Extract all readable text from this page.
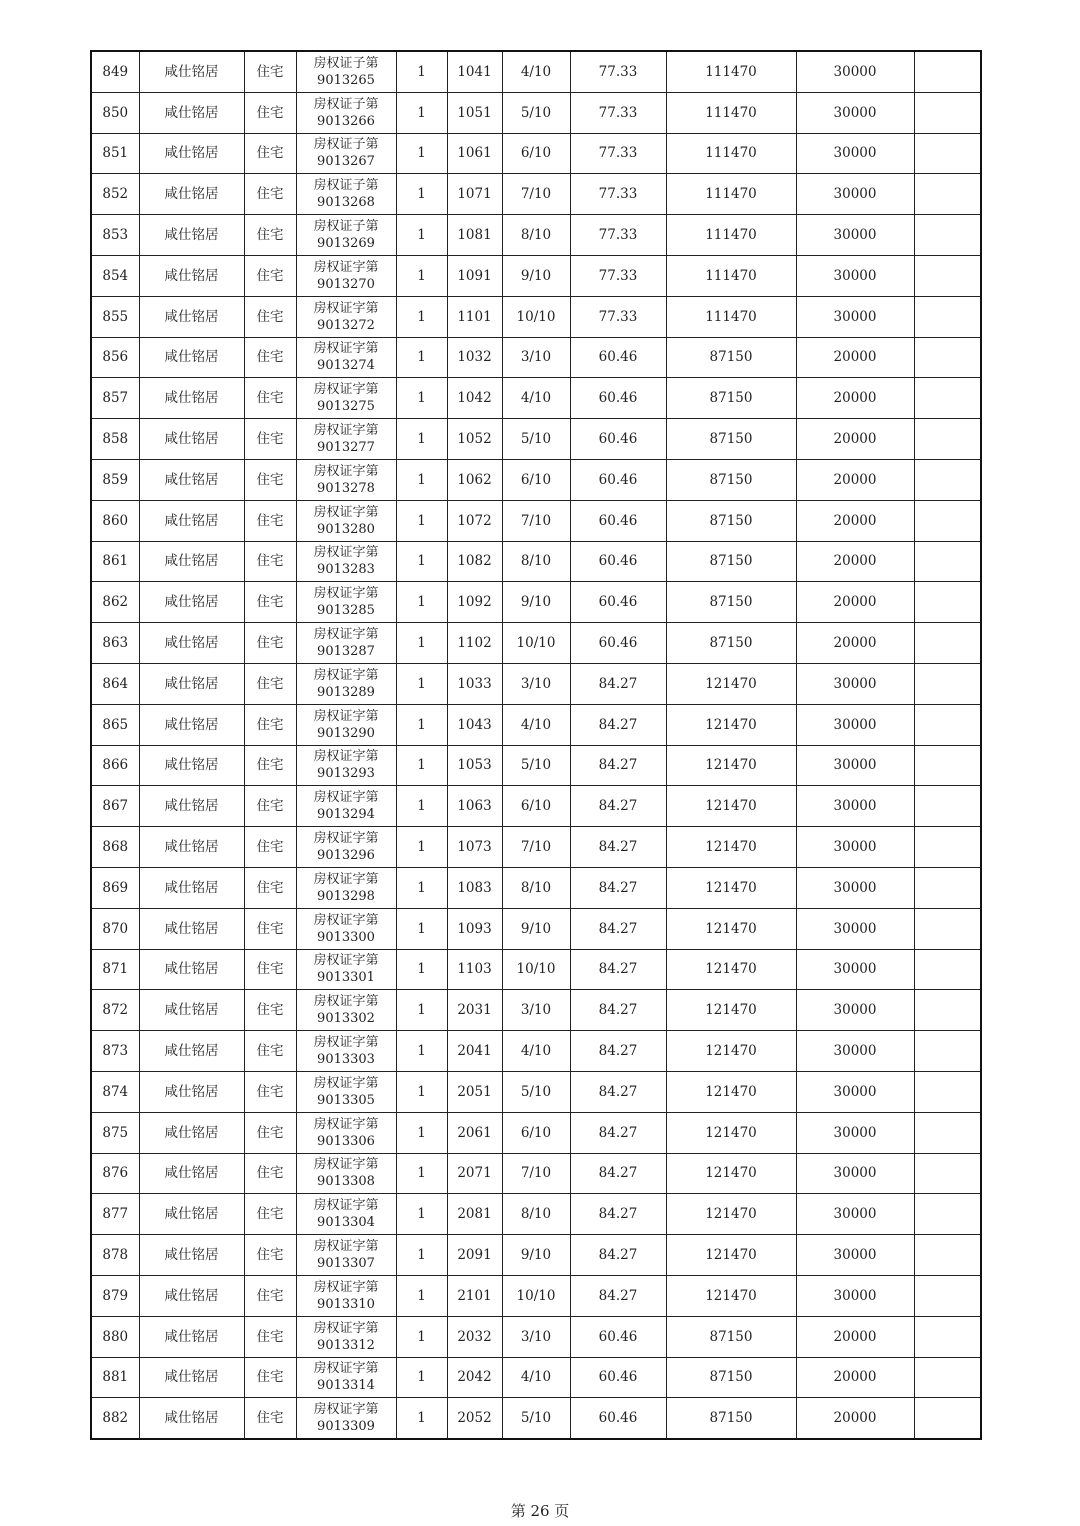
849	咸仕铭居	住宅	房权证子第
9013265	1	1041	4/10	77.33	111470	30000	
850	咸仕铭居	住宅	房权证子第
9013266	1	1051	5/10	77.33	111470	30000	
851	咸仕铭居	住宅	房权证子第
9013267	1	1061	6/10	77.33	111470	30000	
852	咸仕铭居	住宅	房权证子第
9013268	1	1071	7/10	77.33	111470	30000	
853	咸仕铭居	住宅	房权证子第
9013269	1	1081	8/10	77.33	111470	30000	
854	咸仕铭居	住宅	房权证字第
9013270	1	1091	9/10	77.33	111470	30000	
855	咸仕铭居	住宅	房权证字第
9013272	1	1101	10/10	77.33	111470	30000	
856	咸仕铭居	住宅	房权证字第
9013274	1	1032	3/10	60.46	87150	20000	
857	咸仕铭居	住宅	房权证字第
9013275	1	1042	4/10	60.46	87150	20000	
858	咸仕铭居	住宅	房权证字第
9013277	1	1052	5/10	60.46	87150	20000	
859	咸仕铭居	住宅	房权证字第
9013278	1	1062	6/10	60.46	87150	20000	
860	咸仕铭居	住宅	房权证字第
9013280	1	1072	7/10	60.46	87150	20000	
861	咸仕铭居	住宅	房权证字第
9013283	1	1082	8/10	60.46	87150	20000	
862	咸仕铭居	住宅	房权证字第
9013285	1	1092	9/10	60.46	87150	20000	
863	咸仕铭居	住宅	房权证字第
9013287	1	1102	10/10	60.46	87150	20000	
864	咸仕铭居	住宅	房权证字第
9013289	1	1033	3/10	84.27	121470	30000	
865	咸仕铭居	住宅	房权证字第
9013290	1	1043	4/10	84.27	121470	30000	
866	咸仕铭居	住宅	房权证字第
9013293	1	1053	5/10	84.27	121470	30000	
867	咸仕铭居	住宅	房权证字第
9013294	1	1063	6/10	84.27	121470	30000	
868	咸仕铭居	住宅	房权证字第
9013296	1	1073	7/10	84.27	121470	30000	
869	咸仕铭居	住宅	房权证字第
9013298	1	1083	8/10	84.27	121470	30000	
870	咸仕铭居	住宅	房权证字第
9013300	1	1093	9/10	84.27	121470	30000	
871	咸仕铭居	住宅	房权证字第
9013301	1	1103	10/10	84.27	121470	30000	
872	咸仕铭居	住宅	房权证字第
9013302	1	2031	3/10	84.27	121470	30000	
873	咸仕铭居	住宅	房权证字第
9013303	1	2041	4/10	84.27	121470	30000	
874	咸仕铭居	住宅	房权证字第
9013305	1	2051	5/10	84.27	121470	30000	
875	咸仕铭居	住宅	房权证字第
9013306	1	2061	6/10	84.27	121470	30000	
876	咸仕铭居	住宅	房权证字第
9013308	1	2071	7/10	84.27	121470	30000	
877	咸仕铭居	住宅	房权证字第
9013304	1	2081	8/10	84.27	121470	30000	
878	咸仕铭居	住宅	房权证字第
9013307	1	2091	9/10	84.27	121470	30000	
879	咸仕铭居	住宅	房权证字第
9013310	1	2101	10/10	84.27	121470	30000	
880	咸仕铭居	住宅	房权证字第
9013312	1	2032	3/10	60.46	87150	20000	
881	咸仕铭居	住宅	房权证字第
9013314	1	2042	4/10	60.46	87150	20000	
882	咸仕铭居	住宅	房权证字第
9013309	1	2052	5/10	60.46	87150	20000	
第 26 页
